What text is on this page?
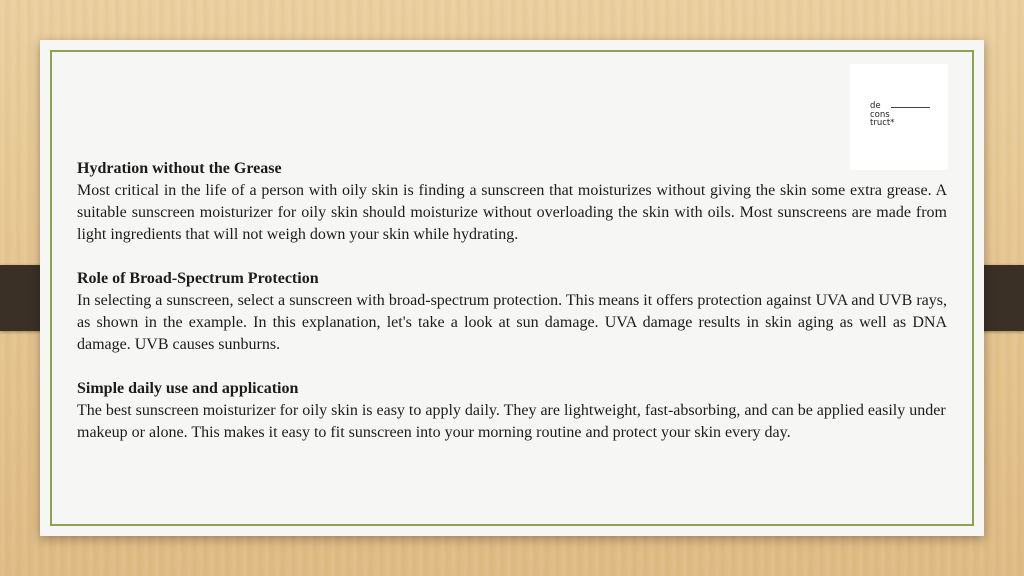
de
cons
truct*
Hydration without the Grease
Most critical in the life of a person with oily skin is finding a sunscreen that moisturizes without giving the skin some extra grease. A suitable sunscreen moisturizer for oily skin should moisturize without overloading the skin with oils. Most sunscreens are made from light ingredients that will not weigh down your skin while hydrating.
Role of Broad-Spectrum Protection
In selecting a sunscreen, select a sunscreen with broad-spectrum protection. This means it offers protection against UVA and UVB rays, as shown in the example. In this explanation, let's take a look at sun damage. UVA damage results in skin aging as well as DNA damage. UVB causes sunburns.
Simple daily use and application
The best sunscreen moisturizer for oily skin is easy to apply daily. They are lightweight, fast-absorbing, and can be applied easily under makeup or alone. This makes it easy to fit sunscreen into your morning routine and protect your skin every day.
